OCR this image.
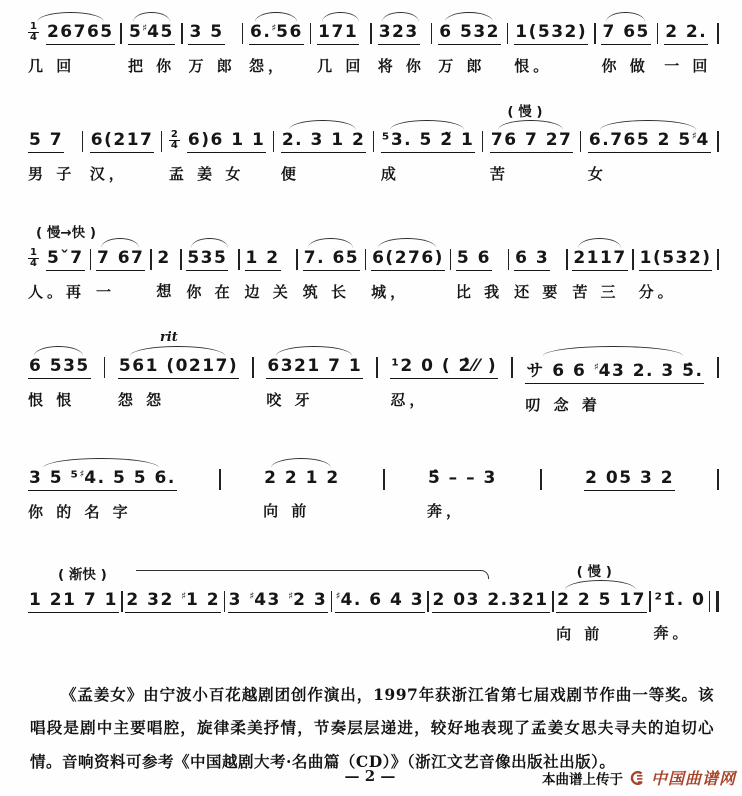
$\frac{1}{4} 26765$
几 回
5♯45
把 你
3 5
万 郎
6.♯56
怨，
171
几 回
323
将 你
6 532
万 郎
1(532)
恨。
7 65
你 做
2 2.
一 回
5 7
男 子
6(217
汉，
$\frac{2}{4} 6)6$ 1 1
孟 姜 女
2. 3 1 2
便
⁵3. 5 2̃ 1
成
( 慢 )
76 7 27
苦
6.765 2 5♯4
女
( 慢→快 )
$\frac{1}{4}$ 5ˇ7
人。再
7 67
一
2
想
535
你 在
1 2
边 关
7. 65
筑 长
6(276)
城，
5 6
比 我
6 3
还 要
2117
苦 三
1(532)
分。
6 535
恨 恨
rit
561 (0217)
怨 怨
6321 7 1
咬 牙
¹2 0 ( 2̂⁄⁄ )
忍，
サ 6 6 ♯43 2. 3 5̂.
叨 念 着
3 5 ⁵♯4. 5 5 6.
你 的 名 字
2 2 1 2
向 前
5̂ – – 3
奔，
2 05 3 2
( 渐快 )
1 21 7 1 2 32 ♯1 2 3 ♯43 ♯2 3 ♯4. 6 4 3 2 03 2.321
( 慢 )
2 2 5 17
向 前
²1̂. 0
奔。

《孟姜女》由宁波小百花越剧团创作演出，1997年获浙江省第七届戏剧节作曲一等奖。该唱段是剧中主要唱腔，旋律柔美抒情，节奏层层递进，较好地表现了孟姜女思夫寻夫的迫切心情。音响资料可参考《中国越剧大考·名曲篇（CD）》（浙江文艺音像出版社出版）。

— 2 —	本曲谱上传于 中国曲谱网
